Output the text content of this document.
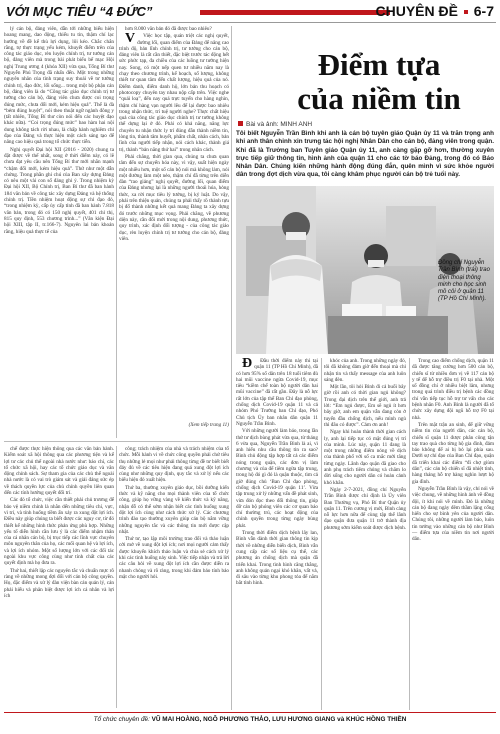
VỚI MỤC TIÊU “4 ĐỨC”	CHUYÊN ĐỀ 6-7

lý cán bộ, đảng viên, dẫn tới những biểu hiện hoang mang, dao động, thiếu tu tin, thậm chí lạc hướng về đề kể thù lợi dụng, lôi kéo. Chắc chắn rằng, tự thực trạng yếu kém, khuyết điểm trên của công tác giáo dục, rèn luyện chính trị, tư tưởng cán bộ, đảng viên mà trong bài phát biểu bế mạc Hội nghị Trung ương 4 (khóa XII) vừa qua, Tổng Bí thư Nguyễn Phú Trọng đã nhấn đến. Một trong những nguyên nhân của tình trạng suy thoái về tư tưởng chính trị, đạo đức, lối sống... trong một bộ phận cán bộ, đảng viên là do “Công tác giáo dục chính trị tư tưởng cho cán bộ, đảng viên chưa được coi trọng đúng mức, chưa đổi mới, kém hiệu quả”. Thế là đà “bẻm đúng huyệt”, nói theo thuật ngữ ngành đông y (tất nhiên, Tổng Bí thư còn nói đến các huyệt đạo khác nữa). “Coi trọng đúng mức” bao hàm hai nội dung không tách rời nhau, là chấp hành nghiêm chỉ đạo của Đảng và thực hiện một cách sáng tạo để nâng cao hiệu quả trong tổ chức thực tiễn.

Nghị quyết Đại hội XII (2016 - 2020) chung ta đặt được về thế nhất, song ở thời điểm này, có lẽ chưa đạt yêu cầu nên Tổng Bí thư mới nhắn mạnh “chậm đổi mới, kém hiệu quả”. Thứ như một dẫn chứng. Trong phần ghi chú của Ban xây dựng Đảng có nêu một vài con số đáng ghi ý. Trong nhiệm kỳ Đại hội XII, Bộ Chính trị, Ban Bí thư đã ban hành 184 văn bản về công tác xây dựng Đảng và hệ thống chính trị. Tiền nhiệm hoạt động sự chỉ đạo đó, “trong nhiệm kỳ, cấp ủy cấp tỉnh đã ban hành 7.818 văn bản, trong đó có 150 nghị quyết, 401 chỉ thị, 815 quy định, 553 chương trình...” (Văn kiện Đại hội XIII, tập II, tr.166-7). Nguyên lai bản khoán rằng, hiệu quả thực tế của

hơn 8.000 văn bản đó đã được bao nhiêu?

V Việc học tập, quán triệt các nghị quyết, đường lối, quan điểm của Đảng để nâng cao trình độ, bản lĩnh chính trị, tư tưởng cho cán bộ, đảng viên là rất cần thiết, đặc biệt trước tác động hết sức phức tạp, đa chiều của các luồng tư tưởng hiện nay. Song, có một nếp quen tư nhiều năm nay là chạy theo chương trình, kế hoạch, số lượng, không thiết tư quan tâm đến chất lượng, hiệu quả của nó. Điểm danh, điểm danh hộ, lớn bản thu hoạch có photocopy chuyên tay nhau nộp cấp trên. Việc nghe “quái loạ”, đến nay quá trực tuyến cho hàng nghìn, thậm chí hàng vạn người lẽu để lại được bao nhiêu trong nhận thức, trí tuệ người nghe? Thực chất hiệu quả của công tác giáo dục chính trị tư tưởng không thể dựng lại ở đó. Phải có khả năng, năng lực chuyên tu nhận thức ly trí đúng đắn thành niềm tin, lòng tin, thành tâm huyết, phẩm chất, nhân cách, bản lĩnh của người tiếp nhận, nói cách khác, thành giá trị, thành “bản năng thứ hai” trong nhân cách.

Phải chăng, thời gian qua, chúng ta chưa quan tâm đến sự chuyển hóa này, vì vậy, suất hiện ngày một nhiều hơn, một số cán bộ nói mà không làm, nói một đường làm một nẻo, thậm chí đã từng trên diễn đàn “rao giảng” nghị quyết, đường lối, quan điểm của Đảng nhưng lại là những người thoái hóa, hỏng thức, xa rời mục tiêu lý tưởng, bị kỷ luật. Do vậy, phải trên thiện quản, chúng ta phải thấy rõ thành tựu bị đổ thành những kết quả mang Đảng ta xây dựng đó trước những mục vọng. Phải chăng, về phương diện này, cần đổi mới trong nội dung, phương thức, quy trình, xác định đối tượng - của công tác giáo dục, rèn luyện chính trị tư tưởng cho cán bộ, đảng viên.

(Xem tiếp trang 11)

chế được thực hiện thông qua các văn bản hành. Kiểm soát xã hội thông qua các phương tiện và kể lợi tư các chủ thể ngoài nhà nước như: báo chí, các tổ chức xã hội, hay các tổ chức giáo dục và văn động chính sách. Sự tham gia của các chủ thể ngoài nhà nước là có vai trò giám sát và giải đáng sức ép về thách quyền lực của chủ chính quyền liên quan đến các tính hướng quyết đối trí.

Các đó tổ chức, việc cần thiết phải chủ trương để bảo vệ niềm chính là nhằn dến những tiêu chí, vực, vì trí, và tính huống tiềm ẩn xảy ra xung đột lợi ích. Điều này giúp chúng ta biết được các nguy cơ, từ đó thiết kế những hình thức phản ứng phù hợp. Những yếu tố diễn hình cần lưu ý là các điểm nhậm thân của cá nhân cán bộ, bị trục tiếp các lĩnh vực chuyên môn nguyên thân của họ, các mối quan hệ và lợi ích, và lợi ích nhóm. Một số lượng lớn với các đối tác ngoài khu vực công cùng như tính chất của các quyết định mà họ đưa ra.

Thứ hai, thiết lập các nguyên tắc và chuẩn mực rõ ràng về những mong đợi đối với cán bộ công quyền. Họ, đặc điểm và xử lý đàn viện bàn cán quản lý, cán phải hiểu và phân biệt được lợi ích cá nhân và lợi ích

công; trách nhiệm của nhà và trách nhiệm của tổ chức. Mỗi hành vi về chức công quyền phải chứ tiêu thụ những lẻ mọi như phải thông từng đề tư biết biết đảy đủ về các tiêu hiện đang quá xung đột lợi ích cùng như những quy định, quy tắc và xử lý nếu các biểu hiện đó xuất hiện.

Thứ ba, thường xuyên giáo dục, bồi dưỡng kiến thức và kỹ năng cho mọi thành viên của tổ chức công, giúp họ vững vàng về kiến thức và kỹ năng, nhận đỗ có thể sớm nhận biết các tình huống xung đột lợi ích cùng như cách thức xử lý. Các chương trình đào tạo thường xuyên giúp cán bộ nắm vững những nguyên tắc và các thông tin mới được cập nhật.

Thứ tư, tạo lập môi trường trao đổi và thảo luận cởi mở về xung đột lợi ích; nơi mọi người cảm thấy được khuyến khích thảo luận và chia sẻ cách xử lý khi các tình huống nảy sinh. Việc tiếp nhận và trả lời các câu hỏi về xung đột lợi ích cần được diễn ra nhanh chóng và rõ ràng, trong khi đảm bảo tính bảo mật cho người hỏi.

Điểm tựa
của niềm tin
Bài và ảnh: MINH ANH
Tôi biết Nguyễn Trần Bình khi anh là cán bộ tuyên giáo Quận ủy 11 và trăn trọng anh khi anh thân chinh xin trưng tác hội nghị Nhân Dân cho cán bộ, đảng viên trong quận. Khi đã là Trưởng ban Tuyên giáo Quận ủy 11, anh càng gặp gỡ hơn, thường xuyên trực tiếp giữ thông tin, hình ảnh của quận 11 cho các tờ báo Đảng, trong đó có Báo Nhân Dân. Chúng kiến những hành động đúng đắn, quên mình vì sức khỏe người dân trong đợt dịch vừa qua, tôi càng khâm phục người cán bộ trẻ tuổi này.
Đồng chí Nguyễn Trần Bình (trái) trao điện thoại thông minh cho học sinh mồ côi ở quận 11 (TP Hồ Chí Minh).

Đ Đầu thời điểm này thì tại quận 11 (TP Hồ Chí Minh), đã có hơn 95% số dân trên 18 tuổi tiêm đủ hai mũi vaccine ngừa Covid-19, mục tiêu “kiềm chế toàn bộ người dân hai mũi vaccine” đã rất gần. Đây là nỗ lực rất lớn của tập thể Ban Chỉ đạo phòng, chống dịch Covid-19 quận 11 và cả nhóm Phó Trưởng ban Chỉ đạo, Phó Chủ tịch Ủy ban nhân dân quận 11 Nguyễn Trần Bình.

Với những người làm báo, trong lần thứ tư dịch bùng phát vừa qua, từ tháng 6 vừa qua, Nguyễn Trần Bình là ai, vì anh hiểu nhu cầu thông tin ra sao? Bình chủ động tập hợp tất cả các điểm nóng trong quận, các đơn vị làm chương và của để tiêm ngừa tập trung, trong hộ đó gì đó là quận thuộc, tìm cả giờ đúng chủ ‘Ban Chỉ đạo phòng, chống dịch Covid-19 quận 11’. Vừa tập trung xử lý những vấn đề phát sinh, vừa đón đọc theo đổi thông tin, giúp đỡ cán bộ phóng viên các cơ quan báo chí thường trú, các hoạt động của chính quyền trong từng ngày bùng phát.

Trong thời điểm dịch bệnh lây lan, Bình vẫn dành thời gian thông tin kịp thời về những diễn biến dịch, Bình vẫn cung cấp các số liệu cụ thể, các phương án chống dịch mà quận đã triển khai. Trong tình hình căng thẳng, anh không quản ngại khó khăn, vất vả, đi sâu vào từng khu phong tỏa để nắm bắt tình hình.

khóc của anh. Trong những ngày đó, tôi đã không đảm giờ đến thoại mà chỉ nhận tin và thấy message của anh luôn sáng đèn.

Một lần, tôi hỏi Bình đi cả buổi bây giờ rồi anh có thời gian ngủ không? Trong đại dịch trên thế giới, anh trả lời: “Em ngủ được, Em sẽ ngủ ít hơn bây giờ, anh em quận vẫn đang còn ở tuyến đầu chống dịch, nếu mình ngủ thì đâu có được”. Cảm ơn anh!

Ngay khi hoàn thành thời gian cách ly, anh lại tiếp tục có mặt đúng vị trí của mình. Lúc này, quận 11 đang là một trong những điểm nóng về dịch của thành phố với số ca mắc mới tăng từng ngày. Lãnh đạo quận đã giao cho anh phụ trách tiêm chủng và chăm lo đời sống cho người dân có hoàn cảnh khó khăn.

Ngày 2-7-2021, đồng chí Nguyễn Trần Bình được chỉ định là Ủy viên Ban Thường vụ, Phó Bí thư Quận ủy quận 11. Trên cương vị mới, Bình càng nỗ lực hơn nữa để cùng tập thể lãnh đạo quận đưa quận 11 trở thành địa phương sớm kiểm soát được dịch bệnh.

Trong cao điểm chống dịch, quận 11 đã được tăng cường hơn 500 cán bộ, chiến sĩ từ nhiều đơn vị về 117 cán bộ y tế để hỗ trợ điều trị F0 tại nhà. Một số đồng chí ở nhiều biệt lâm, nhưng trong quá trình điều trị bệnh các đồng chí vẫn tiếp tục hỗ trợ tư vấn cho các bệnh nhân F0. Anh Bình là người đã tổ chức xây dựng đội ngũ hỗ trợ F0 tại nhà.

Trên mặt trận an sinh, để giữ vững niềm tin của người dân, các cán bộ, chiến sĩ quận 11 được phân công tận tay trao quà cho từng hộ gia đình, đảm bảo không để ai bị bỏ lại phía sau. Dưới sự chỉ đạo của Ban Chỉ đạo, quận đã triển khai các điểm “đi chợ giùm dân”, các cán bộ chiến sĩ đã nhiệt tình, hàng tháng hỗ trợ hàng nghìn lượt hộ gia đình.

Nguyễn Trần Bình là vậy, chỉ nói về việc chung, về những hình ảnh về đồng đội, ít khi nói về mình. Đó là những cán bộ đang ngày đêm thầm lặng cống hiến cho sự bình yên của người dân. Chúng tôi, những người làm báo, luôn tin tưởng vào những cán bộ như Bình — điểm tựa của niềm tin nơi người dân.

Tổ chức chuyên đề: VŨ MAI HOÀNG, NGÔ PHƯƠNG THẢO, LƯU HƯƠNG GIANG và KHÚC HỒNG THIỀN
